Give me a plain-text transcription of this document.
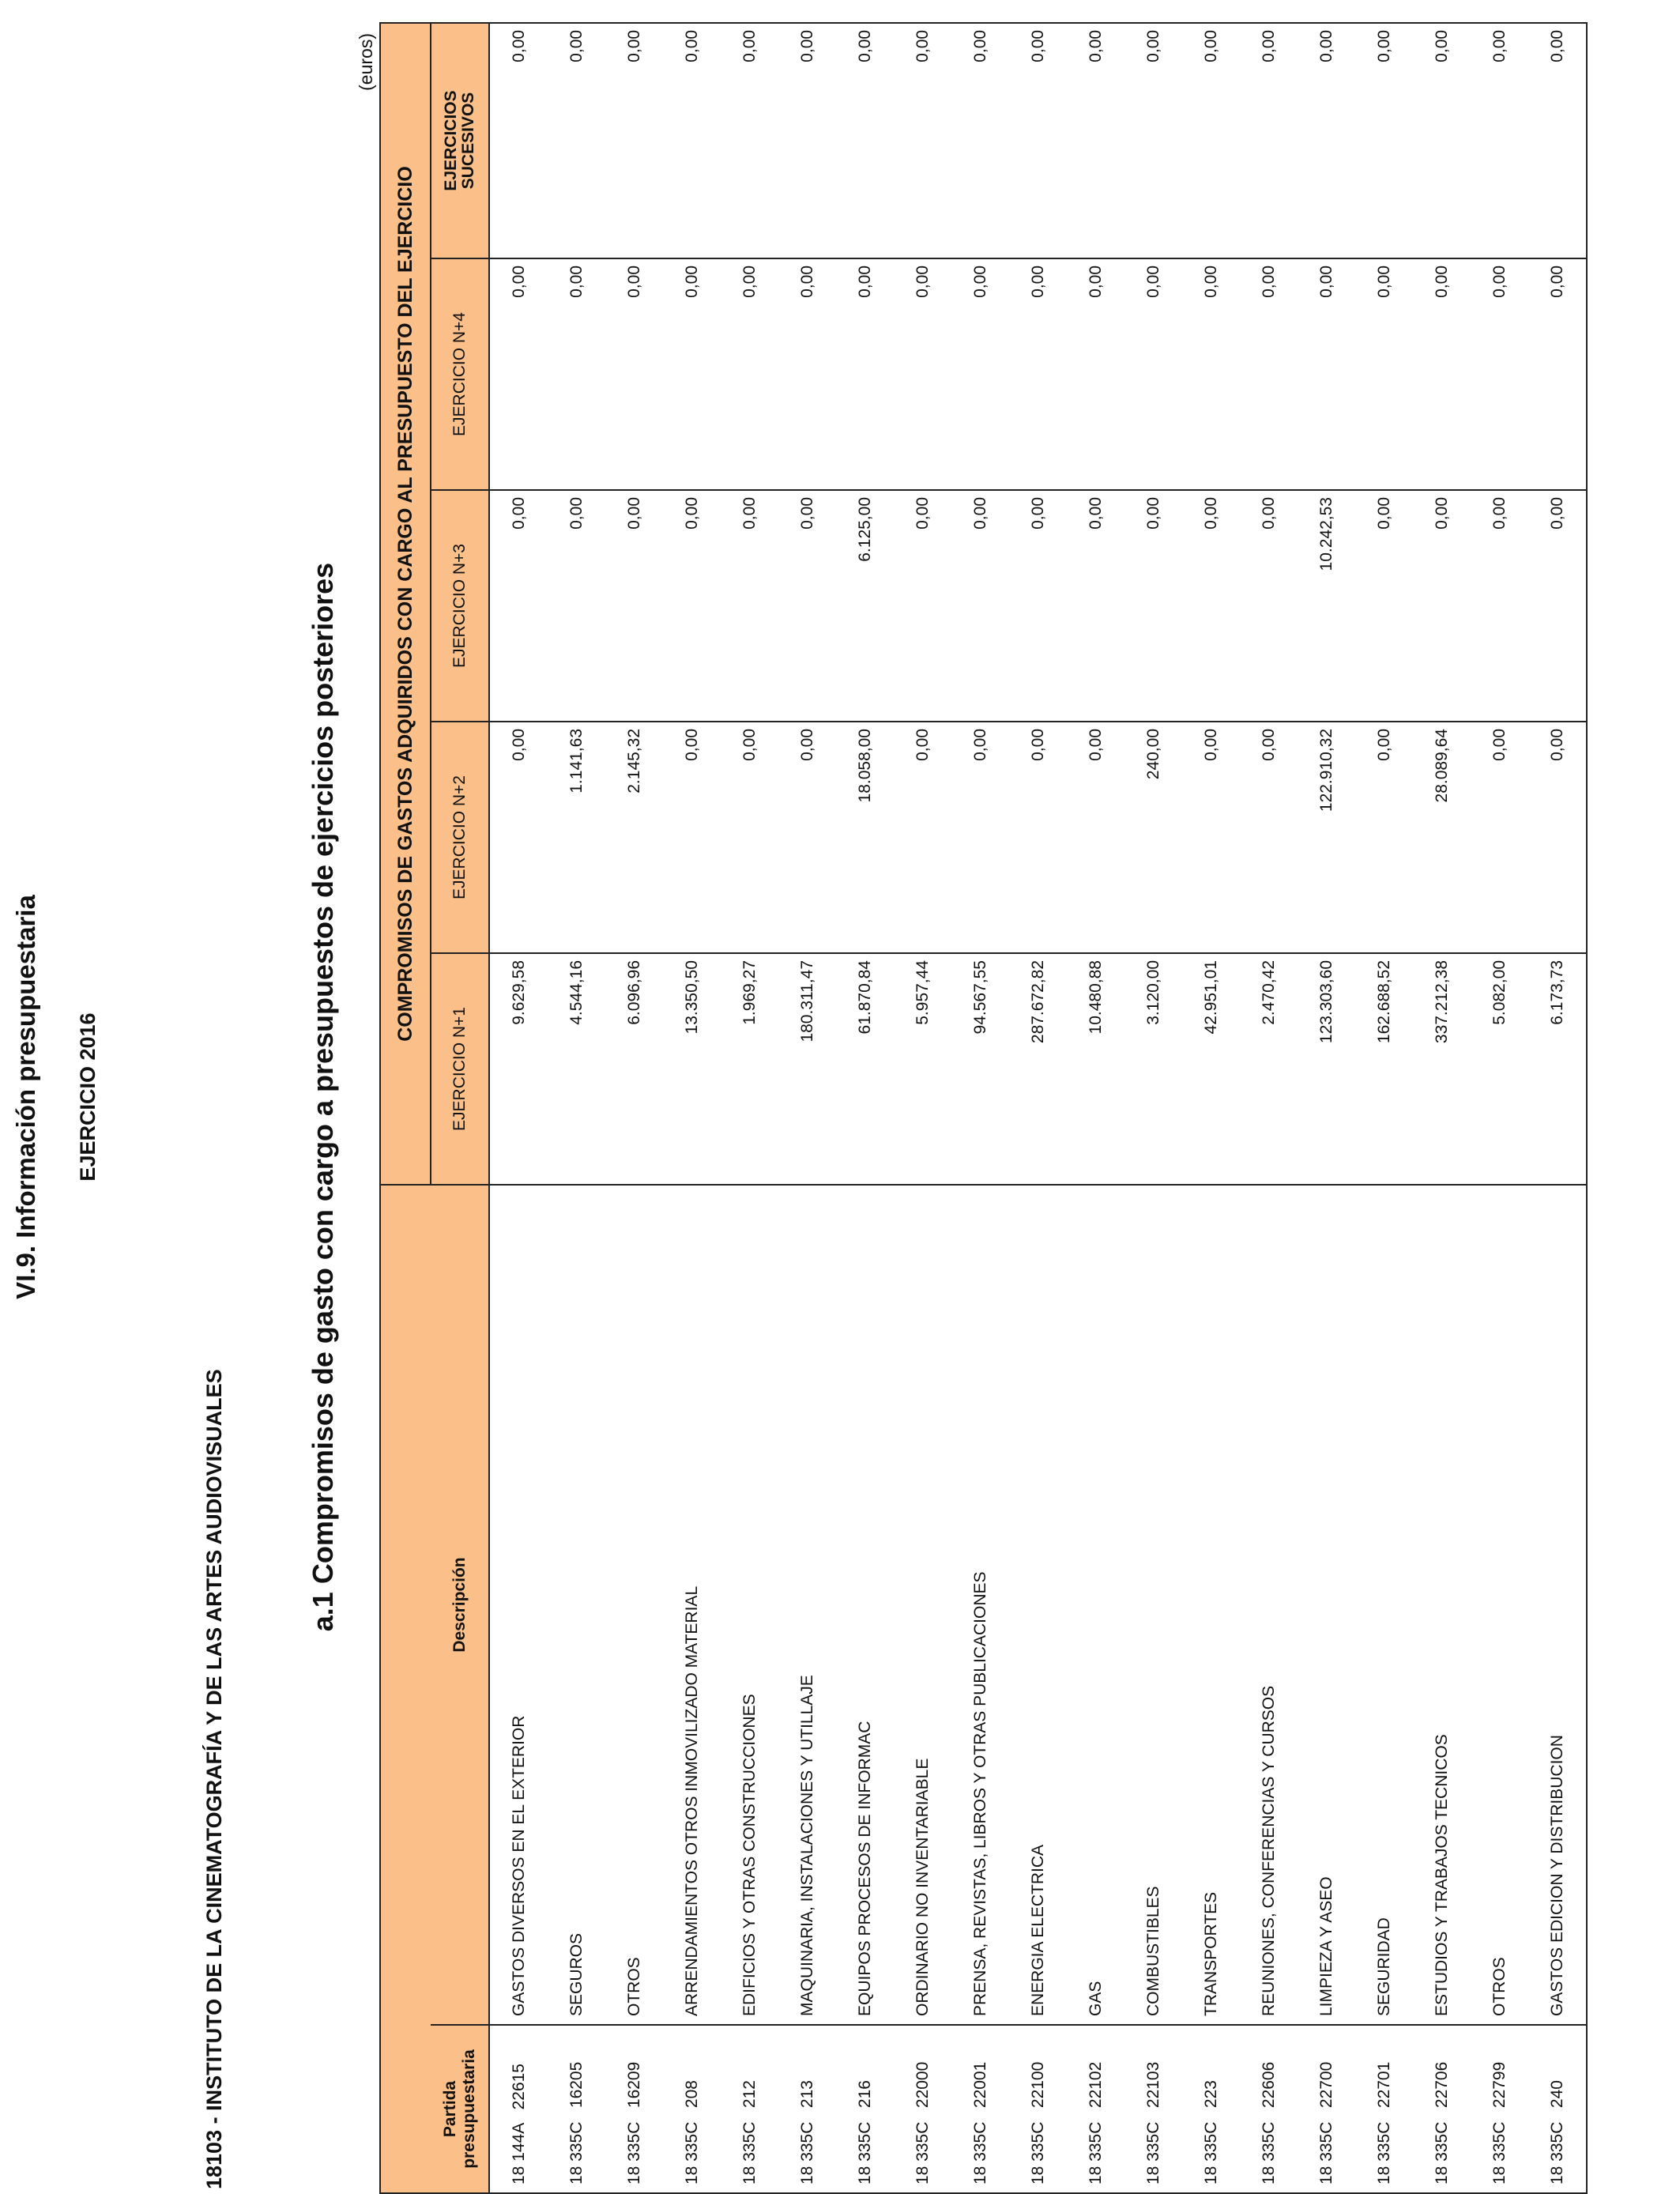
VI.9. Información presupuestaria EJERCICIO 2016
18103 - INSTITUTO DE LA CINEMATOGRAFÍA Y DE LAS ARTES AUDIOVISUALES
a.1 Compromisos de gasto con cargo a presupuestos de ejercicios posteriores
(euros)
		COMPROMISOS DE GASTOS ADQUIRIDOS CON CARGO AL PRESUPUESTO DEL EJERCICIO				
Partida presupuestaria	Descripción	EJERCICIO N+1	EJERCICIO N+2	EJERCICIO N+3	EJERCICIO N+4	EJERCICIOS
SUCESIVOS
18 144A   22615	GASTOS DIVERSOS EN EL EXTERIOR	9.629,58	0,00	0,00	0,00	0,00
18 335C   16205	SEGUROS	4.544,16	1.141,63	0,00	0,00	0,00
18 335C   16209	OTROS	6.096,96	2.145,32	0,00	0,00	0,00
18 335C   208	ARRENDAMIENTOS OTROS INMOVILIZADO MATERIAL	13.350,50	0,00	0,00	0,00	0,00
18 335C   212	EDIFICIOS Y OTRAS CONSTRUCCIONES	1.969,27	0,00	0,00	0,00	0,00
18 335C   213	MAQUINARIA, INSTALACIONES Y UTILLAJE	180.311,47	0,00	0,00	0,00	0,00
18 335C   216	EQUIPOS PROCESOS DE INFORMAC	61.870,84	18.058,00	6.125,00	0,00	0,00
18 335C   22000	ORDINARIO NO INVENTARIABLE	5.957,44	0,00	0,00	0,00	0,00
18 335C   22001	PRENSA, REVISTAS, LIBROS Y OTRAS PUBLICACIONES	94.567,55	0,00	0,00	0,00	0,00
18 335C   22100	ENERGIA ELECTRICA	287.672,82	0,00	0,00	0,00	0,00
18 335C   22102	GAS	10.480,88	0,00	0,00	0,00	0,00
18 335C   22103	COMBUSTIBLES	3.120,00	240,00	0,00	0,00	0,00
18 335C   223	TRANSPORTES	42.951,01	0,00	0,00	0,00	0,00
18 335C   22606	REUNIONES, CONFERENCIAS Y CURSOS	2.470,42	0,00	0,00	0,00	0,00
18 335C   22700	LIMPIEZA Y ASEO	123.303,60	122.910,32	10.242,53	0,00	0,00
18 335C   22701	SEGURIDAD	162.688,52	0,00	0,00	0,00	0,00
18 335C   22706	ESTUDIOS Y TRABAJOS TECNICOS	337.212,38	28.089,64	0,00	0,00	0,00
18 335C   22799	OTROS	5.082,00	0,00	0,00	0,00	0,00
18 335C   240	GASTOS EDICION Y DISTRIBUCION	6.173,73	0,00	0,00	0,00	0,00
